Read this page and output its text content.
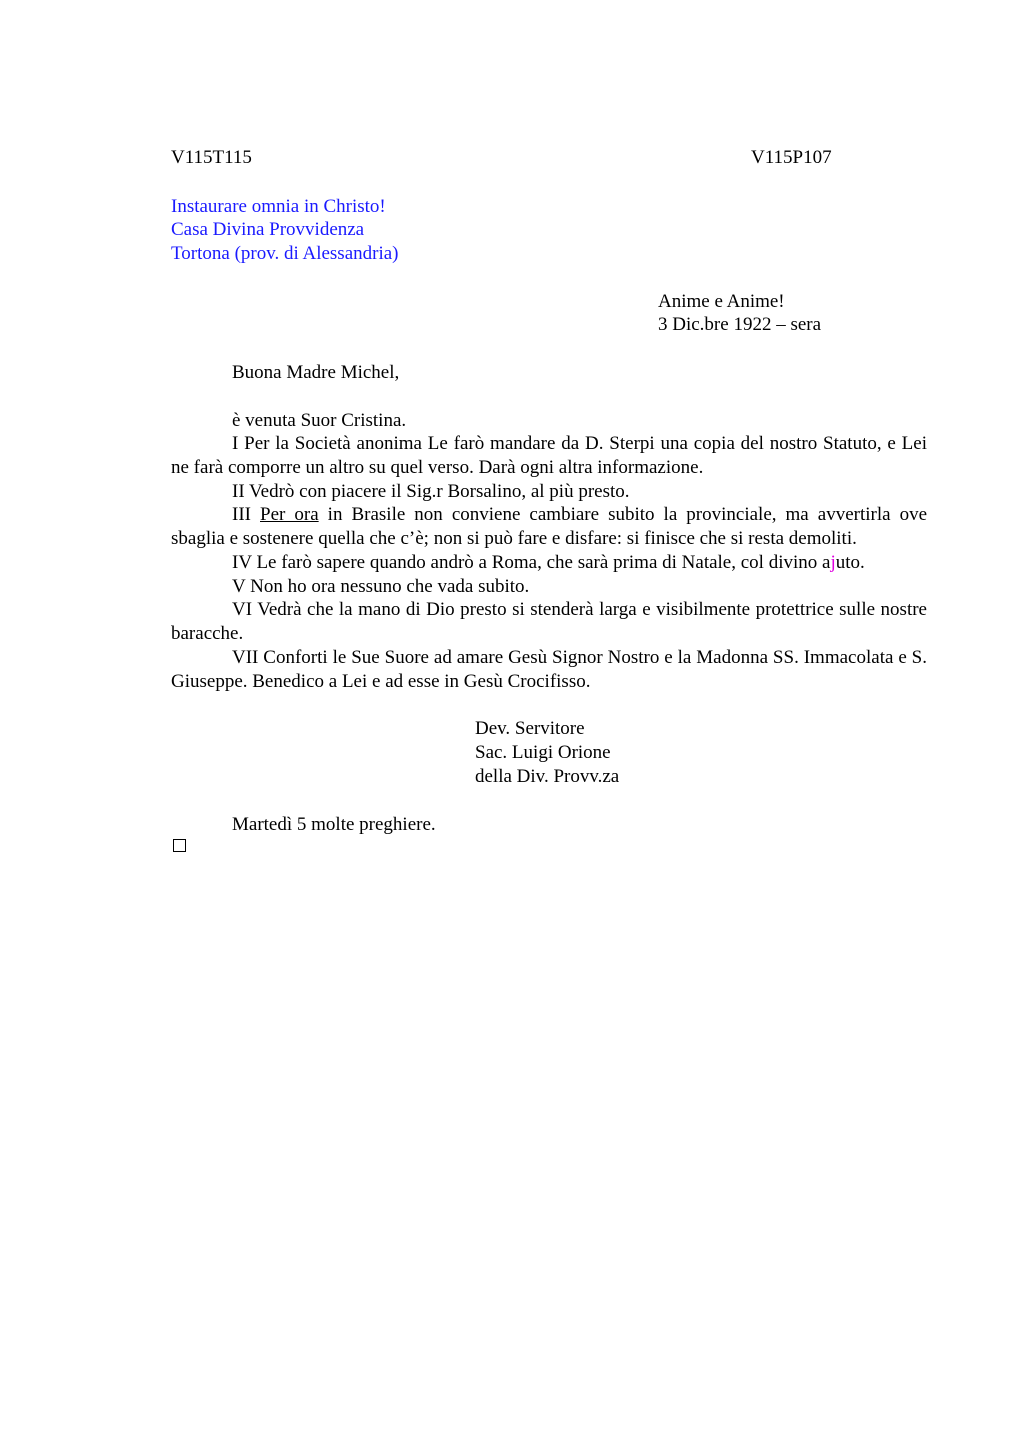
V115T115	V115P107
Instaurare omnia in Christo!
Casa Divina Provvidenza
Tortona (prov. di Alessandria)
Anime e Anime!
3 Dic.bre 1922 – sera
Buona Madre Michel,
è venuta Suor Cristina.
I Per la Società anonima Le farò mandare da D. Sterpi una copia del nostro Statuto, e Lei ne farà comporre un altro su quel verso. Darà ogni altra informazione.
II Vedrò con piacere il Sig.r Borsalino, al più presto.
III Per ora in Brasile non conviene cambiare subito la provinciale, ma avvertirla ove sbaglia e sostenere quella che c’è; non si può fare e disfare: si finisce che si resta demoliti.
IV Le farò sapere quando andrò a Roma, che sarà prima di Natale, col divino ajuto.
V Non ho ora nessuno che vada subito.
VI Vedrà che la mano di Dio presto si stenderà larga e visibilmente protettrice sulle nostre baracche.
VII Conforti le Sue Suore ad amare Gesù Signor Nostro e la Madonna SS. Immacolata e S. Giuseppe. Benedico a Lei e ad esse in Gesù Crocifisso.
Dev. Servitore
Sac. Luigi Orione
della Div. Provv.za
Martedì 5 molte preghiere.
